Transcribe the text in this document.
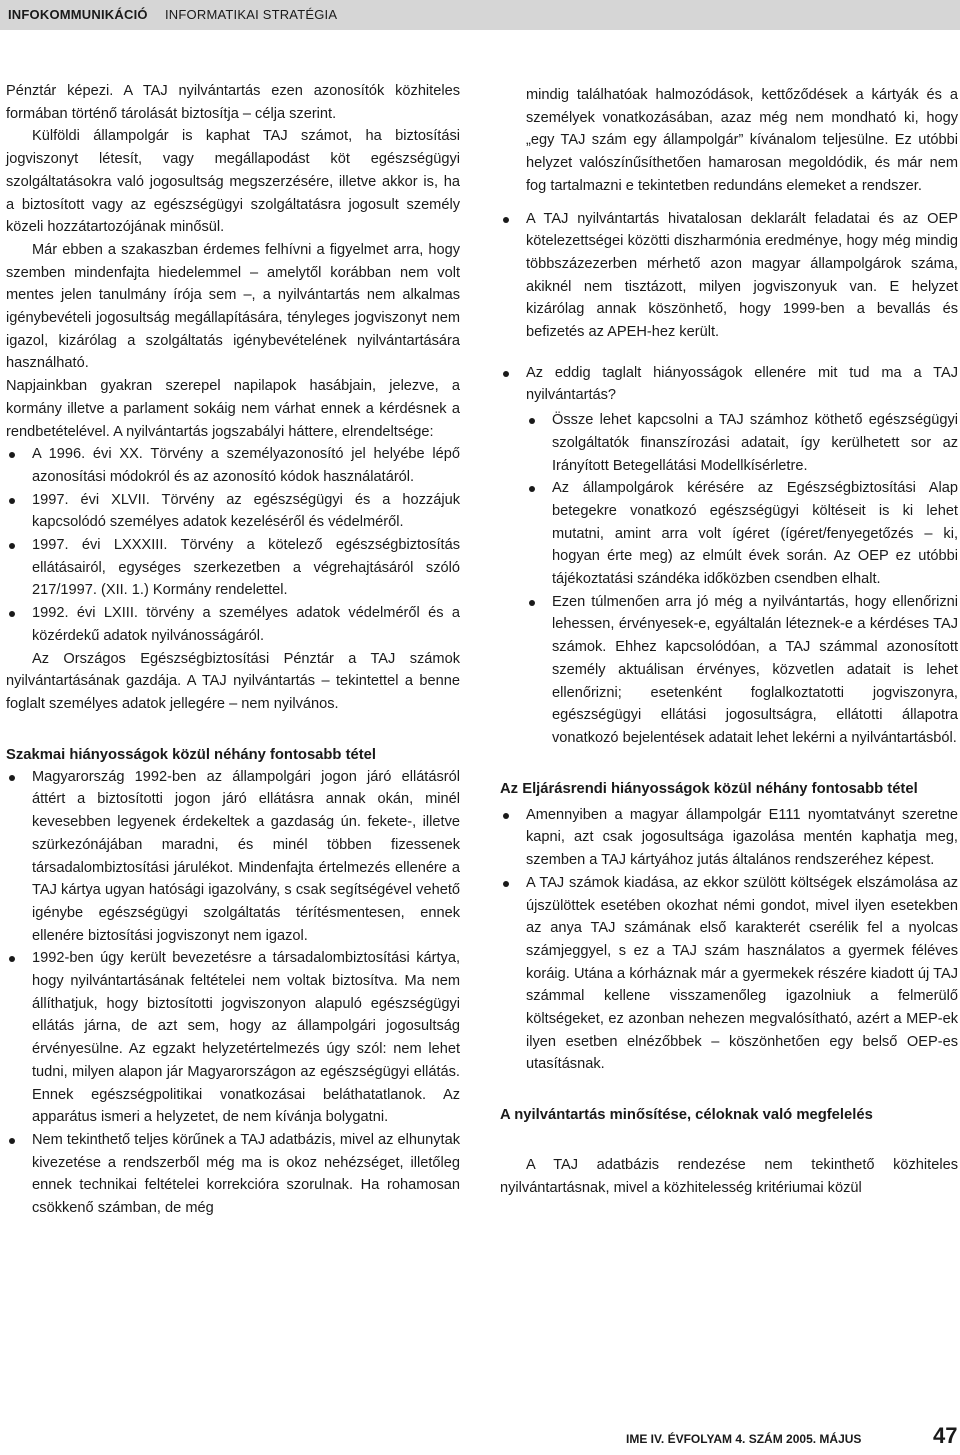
INFOKOMMUNIKÁCIÓ INFORMATIKAI STRATÉGIA

Pénztár képezi. A TAJ nyilvántartás ezen azonosítók közhiteles formában történő tárolását biztosítja – célja szerint.

Külföldi állampolgár is kaphat TAJ számot, ha biztosítási jogviszonyt létesít, vagy megállapodást köt egészségügyi szolgáltatásokra való jogosultság megszerzésére, illetve akkor is, ha a biztosított vagy az egészségügyi szolgáltatásra jogosult személy közeli hozzátartozójának minősül.

Már ebben a szakaszban érdemes felhívni a figyelmet arra, hogy szemben mindenfajta hiedelemmel – amelytől korábban nem volt mentes jelen tanulmány írója sem –, a nyilvántartás nem alkalmas igénybevételi jogosultság megállapítására, tényleges jogviszonyt nem igazol, kizárólag a szolgáltatás igénybevételének nyilvántartására használható.

Napjainkban gyakran szerepel napilapok hasábjain, jelezve, a kormány illetve a parlament sokáig nem várhat ennek a kérdésnek a rendbetételével. A nyilvántartás jogszabályi háttere, elrendeltsége:

A 1996. évi XX. Törvény a személyazonosító jel helyébe lépő azonosítási módokról és az azonosító kódok használatáról.
1997. évi XLVII. Törvény az egészségügyi és a hozzájuk kapcsolódó személyes adatok kezeléséről és védelméről.
1997. évi LXXXIII. Törvény a kötelező egészségbiztosítás ellátásairól, egységes szerkezetben a végrehajtásáról szóló 217/1997. (XII. 1.) Kormány rendelettel.
1992. évi LXIII. törvény a személyes adatok védelméről és a közérdekű adatok nyilvánosságáról.

Az Országos Egészségbiztosítási Pénztár a TAJ számok nyilvántartásának gazdája. A TAJ nyilvántartás – tekintettel a benne foglalt személyes adatok jellegére – nem nyilvános.

Szakmai hiányosságok közül néhány fontosabb tétel
Magyarország 1992-ben az állampolgári jogon járó ellátásról áttért a biztosítotti jogon járó ellátásra annak okán, minél kevesebben legyenek érdekeltek a gazdaság ún. fekete-, illetve szürkezónájában maradni, és minél többen fizessenek társadalombiztosítási járulékot. Mindenfajta értelmezés ellenére a TAJ kártya ugyan hatósági igazolvány, s csak segítségével vehető igénybe egészségügyi szolgáltatás térítésmentesen, ennek ellenére biztosítási jogviszonyt nem igazol.
1992-ben úgy került bevezetésre a társadalombiztosítási kártya, hogy nyilvántartásának feltételei nem voltak biztosítva. Ma nem állíthatjuk, hogy biztosítotti jogviszonyon alapuló egészségügyi ellátás járna, de azt sem, hogy az állampolgári jogosultság érvényesülne. Az egzakt helyzetértelmezés úgy szól: nem lehet tudni, milyen alapon jár Magyarországon az egészségügyi ellátás. Ennek egészségpolitikai vonatkozásai beláthatatlanok. Az apparátus ismeri a helyzetet, de nem kívánja bolygatni.
Nem tekinthető teljes körűnek a TAJ adatbázis, mivel az elhunytak kivezetése a rendszerből még ma is okoz nehézséget, illetőleg ennek technikai feltételei korrekcióra szorulnak. Ha rohamosan csökkenő számban, de még

mindig találhatóak halmozódások, kettőződések a kártyák és a személyek vonatkozásában, azaz még nem mondható ki, hogy „egy TAJ szám egy állampolgár” kívánalom teljesülne. Ez utóbbi helyzet valószínűsíthetően hamarosan megoldódik, és már nem fog tartalmazni e tekintetben redundáns elemeket a rendszer.

A TAJ nyilvántartás hivatalosan deklarált feladatai és az OEP kötelezettségei közötti diszharmónia eredménye, hogy még mindig többszázezerben mérhető azon magyar állampolgárok száma, akiknél nem tisztázott, milyen jogviszonyuk van. E helyzet kizárólag annak köszönhető, hogy 1999-ben a bevallás és befizetés az APEH-hez került.
Az eddig taglalt hiányosságok ellenére mit tud ma a TAJ nyilvántartás?
Össze lehet kapcsolni a TAJ számhoz köthető egészségügyi szolgáltatók finanszírozási adatait, így kerülhetett sor az Irányított Betegellátási Modellkísérletre.
Az állampolgárok kérésére az Egészségbiztosítási Alap betegekre vonatkozó egészségügyi költéseit is ki lehet mutatni, amint arra volt ígéret (ígéret/fenyegetőzés – ki, hogyan érte meg) az elmúlt évek során. Az OEP ez utóbbi tájékoztatási szándéka időközben csendben elhalt.
Ezen túlmenően arra jó még a nyilvántartás, hogy ellenőrizni lehessen, érvényesek-e, egyáltalán léteznek-e a kérdéses TAJ számok. Ehhez kapcsolódóan, a TAJ számmal azonosított személy aktuálisan érvényes, közvetlen adatait is lehet ellenőrizni; esetenként foglalkoztatotti jogviszonyra, egészségügyi ellátási jogosultságra, ellátotti állapotra vonatkozó bejelentések adatait lehet lekérni a nyilvántartásból.
Az Eljárásrendi hiányosságok közül néhány fontosabb tétel
Amennyiben a magyar állampolgár E111 nyomtatványt szeretne kapni, azt csak jogosultsága igazolása mentén kaphatja meg, szemben a TAJ kártyához jutás általános rendszeréhez képest.
A TAJ számok kiadása, az ekkor szülött költségek elszámolása az újszülöttek esetében okozhat némi gondot, mivel ilyen esetekben az anya TAJ számának első karakterét cserélik fel a nyolcas számjeggyel, s ez a TAJ szám használatos a gyermek féléves koráig. Utána a kórháznak már a gyermekek részére kiadott új TAJ számmal kellene visszamenőleg igazolniuk a felmerülő költségeket, ez azonban nehezen megvalósítható, azért a MEP-ek ilyen esetben elnézőbbek – köszönhetően egy belső OEP-es utasításnak.
A nyilvántartás minősítése, céloknak való megfelelés

A TAJ adatbázis rendezése nem tekinthető közhiteles nyilvántartásnak, mivel a közhitelesség kritériumai közül

IME IV. ÉVFOLYAM 4. SZÁM 2005. MÁJUS	47
